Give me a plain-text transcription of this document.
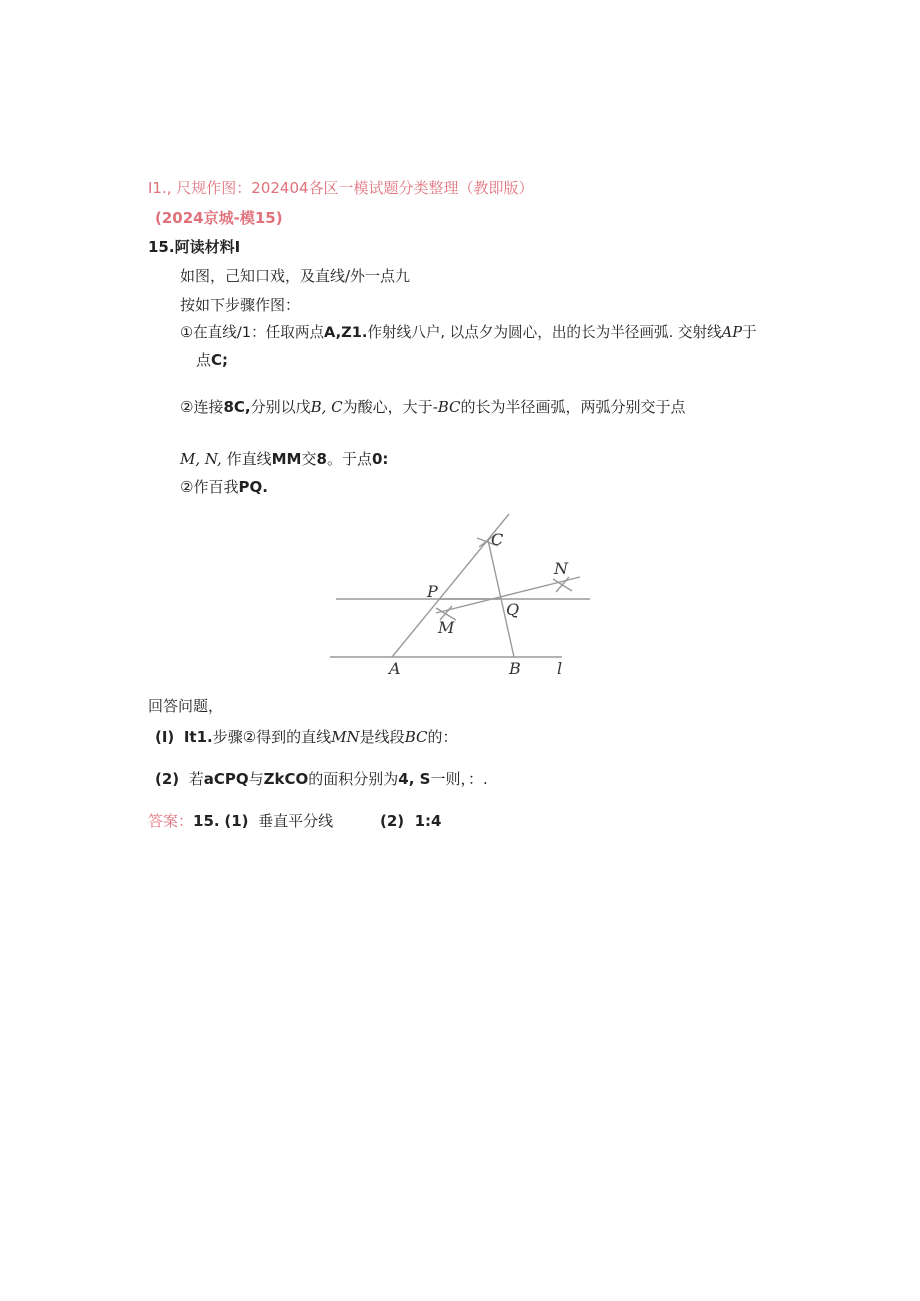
I1., 尺规作图：202404各区一模试题分类整理（教即版）
(2024京城-模15)
15.阿读材料I
如图，己知口戏，及直线/外一点九
按如下步骤作图：
①在直线/1：任取两点A,Z1.作射线八户, 以点夕为圆心，出的长为半径画弧. 交射线AP于
点C;
②连接8C,分别以戊B, C为酸心，大于-BC的长为半径画弧，两弧分别交于点
M, N, 作直线MM交8。于点0:
②作百我PQ.
C
N
P
Q
M
A	B l
回答问题，
(I) It1.步骤②得到的直线MN是线段BC的：
(2) 若aCPQ与ZkCO的面积分别为4, S一则，：.
答案：15. (1) 垂直平分线	(2) 1:4
